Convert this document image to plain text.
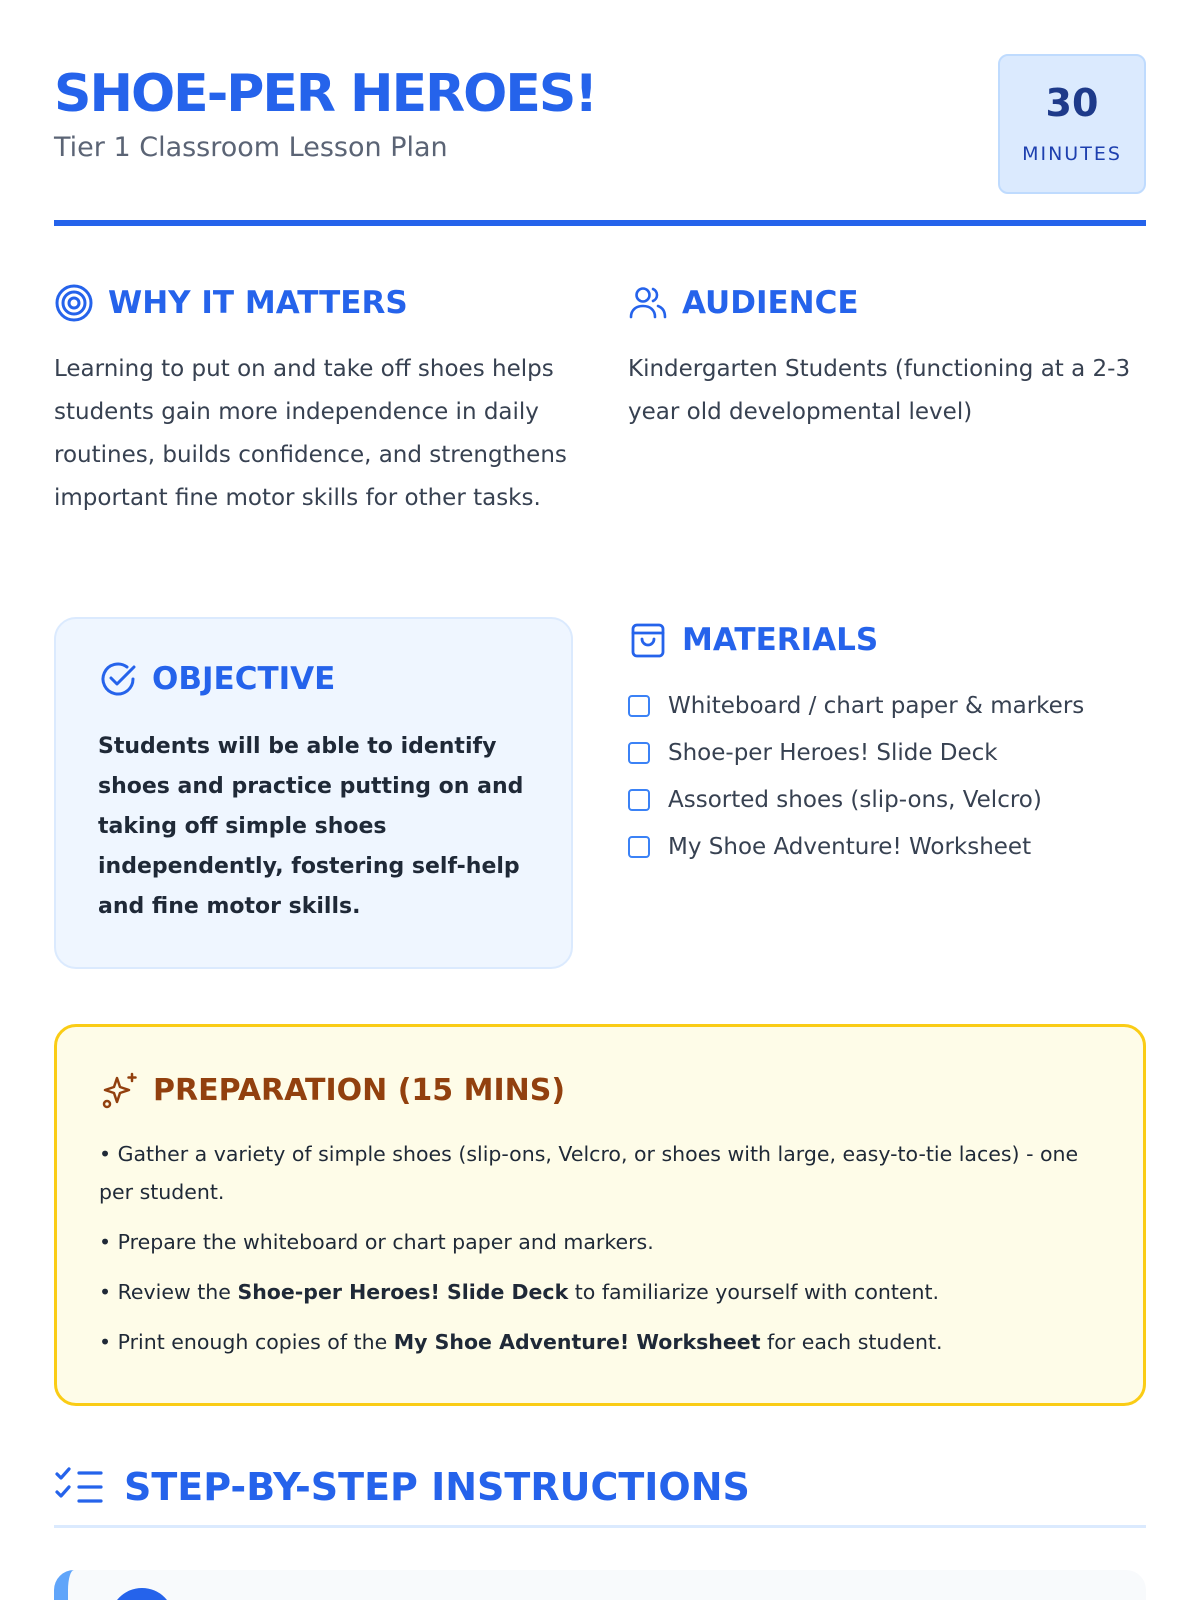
SHOE-PER HEROES!
Tier 1 Classroom Lesson Plan
30
MINUTES
WHY IT MATTERS
Learning to put on and take off shoes helps students gain more independence in daily routines, builds confidence, and strengthens important fine motor skills for other tasks.
AUDIENCE
Kindergarten Students (functioning at a 2-3 year old developmental level)
OBJECTIVE
Students will be able to identify shoes and practice putting on and taking off simple shoes independently, fostering self-help and fine motor skills.
MATERIALS
Whiteboard / chart paper & markers
Shoe-per Heroes! Slide Deck
Assorted shoes (slip-ons, Velcro)
My Shoe Adventure! Worksheet
PREPARATION (15 MINS)
• Gather a variety of simple shoes (slip-ons, Velcro, or shoes with large, easy-to-tie laces) - one per student.
• Prepare the whiteboard or chart paper and markers.
• Review the Shoe-per Heroes! Slide Deck to familiarize yourself with content.
• Print enough copies of the My Shoe Adventure! Worksheet for each student.
STEP-BY-STEP INSTRUCTIONS
